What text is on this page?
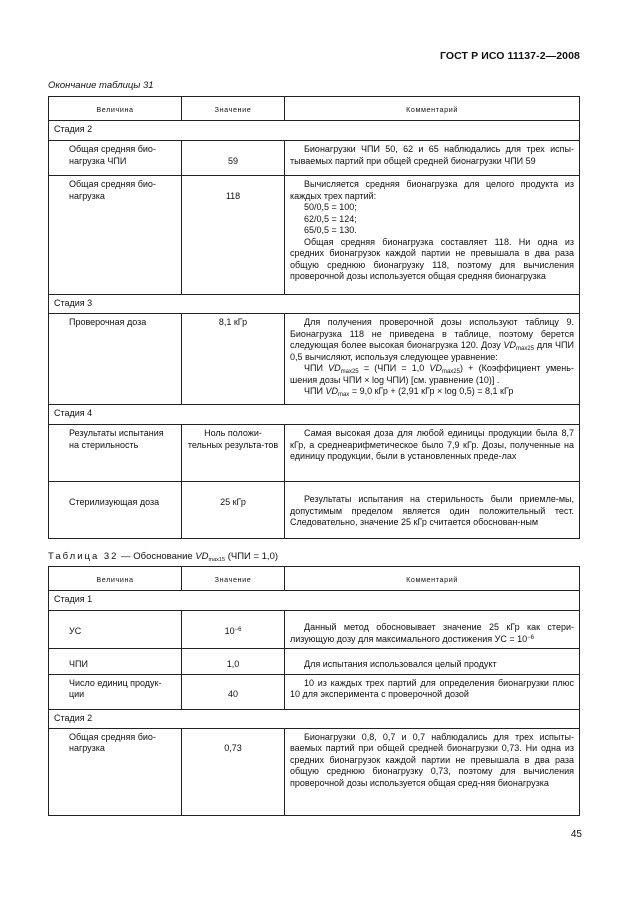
ГОСТ Р ИСО 11137-2—2008
Окончание таблицы 31
Величина	Значение	Комментарий
Стадия 2		
Общая средняя био-нагрузка ЧПИ	59	Бионагрузки ЧПИ 50, 62 и 65 наблюдались для трех испы-тываемых партий при общей средней бионагрузки ЧПИ 59

Общая средняя био-нагрузка	118	Вычисляется средняя бионагрузка для целого продукта из каждых трех партий:

50/0,5 = 100;

62/0,5 = 124;

65/0,5 = 130.

Общая средняя бионагрузка составляет 118. Ни одна из средних бионагрузок каждой партии не превышала в два раза общую среднюю бионагрузку 118, поэтому для вычисления проверочной дозы используется общая средняя бионагрузка

Стадия 3		
Проверочная доза	8,1 кГр	Для получения проверочной дозы используют таблицу 9. Бионагрузка 118 не приведена в таблице, поэтому берется следующая более высокая бионагрузка 120. Дозу $VD_{max25}$ для ЧПИ 0,5 вычисляют, используя следующее уравнение:

ЧПИ $VD_{max25} = (ЧПИ = 1,0$ $VD_{max25}$) + (Коэффициент умень-шения дозы ЧПИ × log ЧПИ) [см. уравнение (10)] .

ЧПИ $VD_{max} = 9,0$ кГр + (2,91 кГр × log 0,5) = 8,1 кГр

Стадия 4		
Результаты испытания на стерильность	Ноль положи-тельных результа-тов	Самая высокая доза для любой единицы продукции была 8,7 кГр, а среднеарифметическое было 7,9 кГр. Дозы, полученные на единицу продукции, были в установленных преде-лах

Стерилизующая доза	25 кГр	Результаты испытания на стерильность были приемле-мы, допустимым пределом является один положительный тест. Следовательно, значение 25 кГр считается обоснован-ным

Таблица 32 — Обоснование $VD_{max15}$ (ЧПИ = 1,0)
Величина	Значение	Комментарий
Стадия 1		

УС	$10^{-6}$	Данный метод обосновывает значение 25 кГр как стери-лизующую дозу для максимального достижения УС = $10^{-6}$

ЧПИ	1,0	Для испытания использовался целый продукт

Число единиц продук-ции	40	10 из каждых трех партий для определения бионагрузки плюс 10 для эксперимента с проверочной дозой

Стадия 2		
Общая средняя био-нагрузка	0,73	Бионагрузки 0,8, 0,7 и 0,7 наблюдались для трех испыты-ваемых партий при общей средней бионагрузки 0,73. Ни одна из средних бионагрузок каждой партии не превышала в два раза общую среднюю бионагрузку 0,73, поэтому для вычисления проверочной дозы используется общая сред-няя бионагрузка

45
